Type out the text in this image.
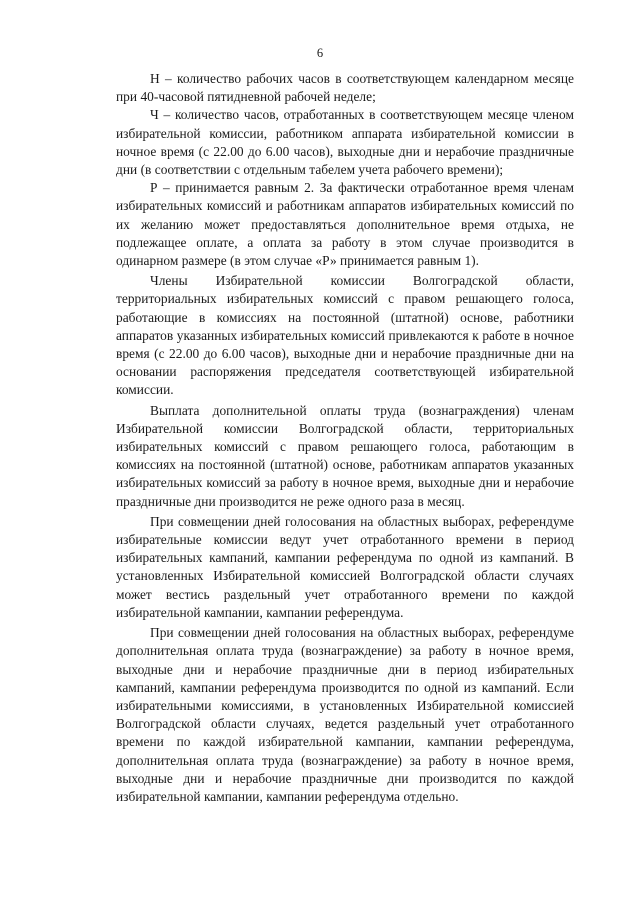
6

Н – количество рабочих часов в соответствующем календарном месяце при 40-часовой пятидневной рабочей неделе;

Ч – количество часов, отработанных в соответствующем месяце членом избирательной комиссии, работником аппарата избирательной комиссии в ночное время (с 22.00 до 6.00 часов), выходные дни и нерабочие праздничные дни (в соответствии с отдельным табелем учета рабочего времени);

Р – принимается равным 2. За фактически отработанное время членам избирательных комиссий и работникам аппаратов избирательных комиссий по их желанию может предоставляться дополнительное время отдыха, не подлежащее оплате, а оплата за работу в этом случае производится в одинарном размере (в этом случае «Р» принимается равным 1).

Члены Избирательной комиссии Волгоградской области, территориальных избирательных комиссий с правом решающего голоса, работающие в комиссиях на постоянной (штатной) основе, работники аппаратов указанных избирательных комиссий привлекаются к работе в ночное время (с 22.00 до 6.00 часов), выходные дни и нерабочие праздничные дни на основании распоряжения председателя соответствующей избирательной комиссии.

Выплата дополнительной оплаты труда (вознаграждения) членам Избирательной комиссии Волгоградской области, территориальных избирательных комиссий с правом решающего голоса, работающим в комиссиях на постоянной (штатной) основе, работникам аппаратов указанных избирательных комиссий за работу в ночное время, выходные дни и нерабочие праздничные дни производится не реже одного раза в месяц.

При совмещении дней голосования на областных выборах, референдуме избирательные комиссии ведут учет отработанного времени в период избирательных кампаний, кампании референдума по одной из кампаний. В установленных Избирательной комиссией Волгоградской области случаях может вестись раздельный учет отработанного времени по каждой избирательной кампании, кампании референдума.

При совмещении дней голосования на областных выборах, референдуме дополнительная оплата труда (вознаграждение) за работу в ночное время, выходные дни и нерабочие праздничные дни в период избирательных кампаний, кампании референдума производится по одной из кампаний. Если избирательными комиссиями, в установленных Избирательной комиссией Волгоградской области случаях, ведется раздельный учет отработанного времени по каждой избирательной кампании, кампании референдума, дополнительная оплата труда (вознаграждение) за работу в ночное время, выходные дни и нерабочие праздничные дни производится по каждой избирательной кампании, кампании референдума отдельно.
